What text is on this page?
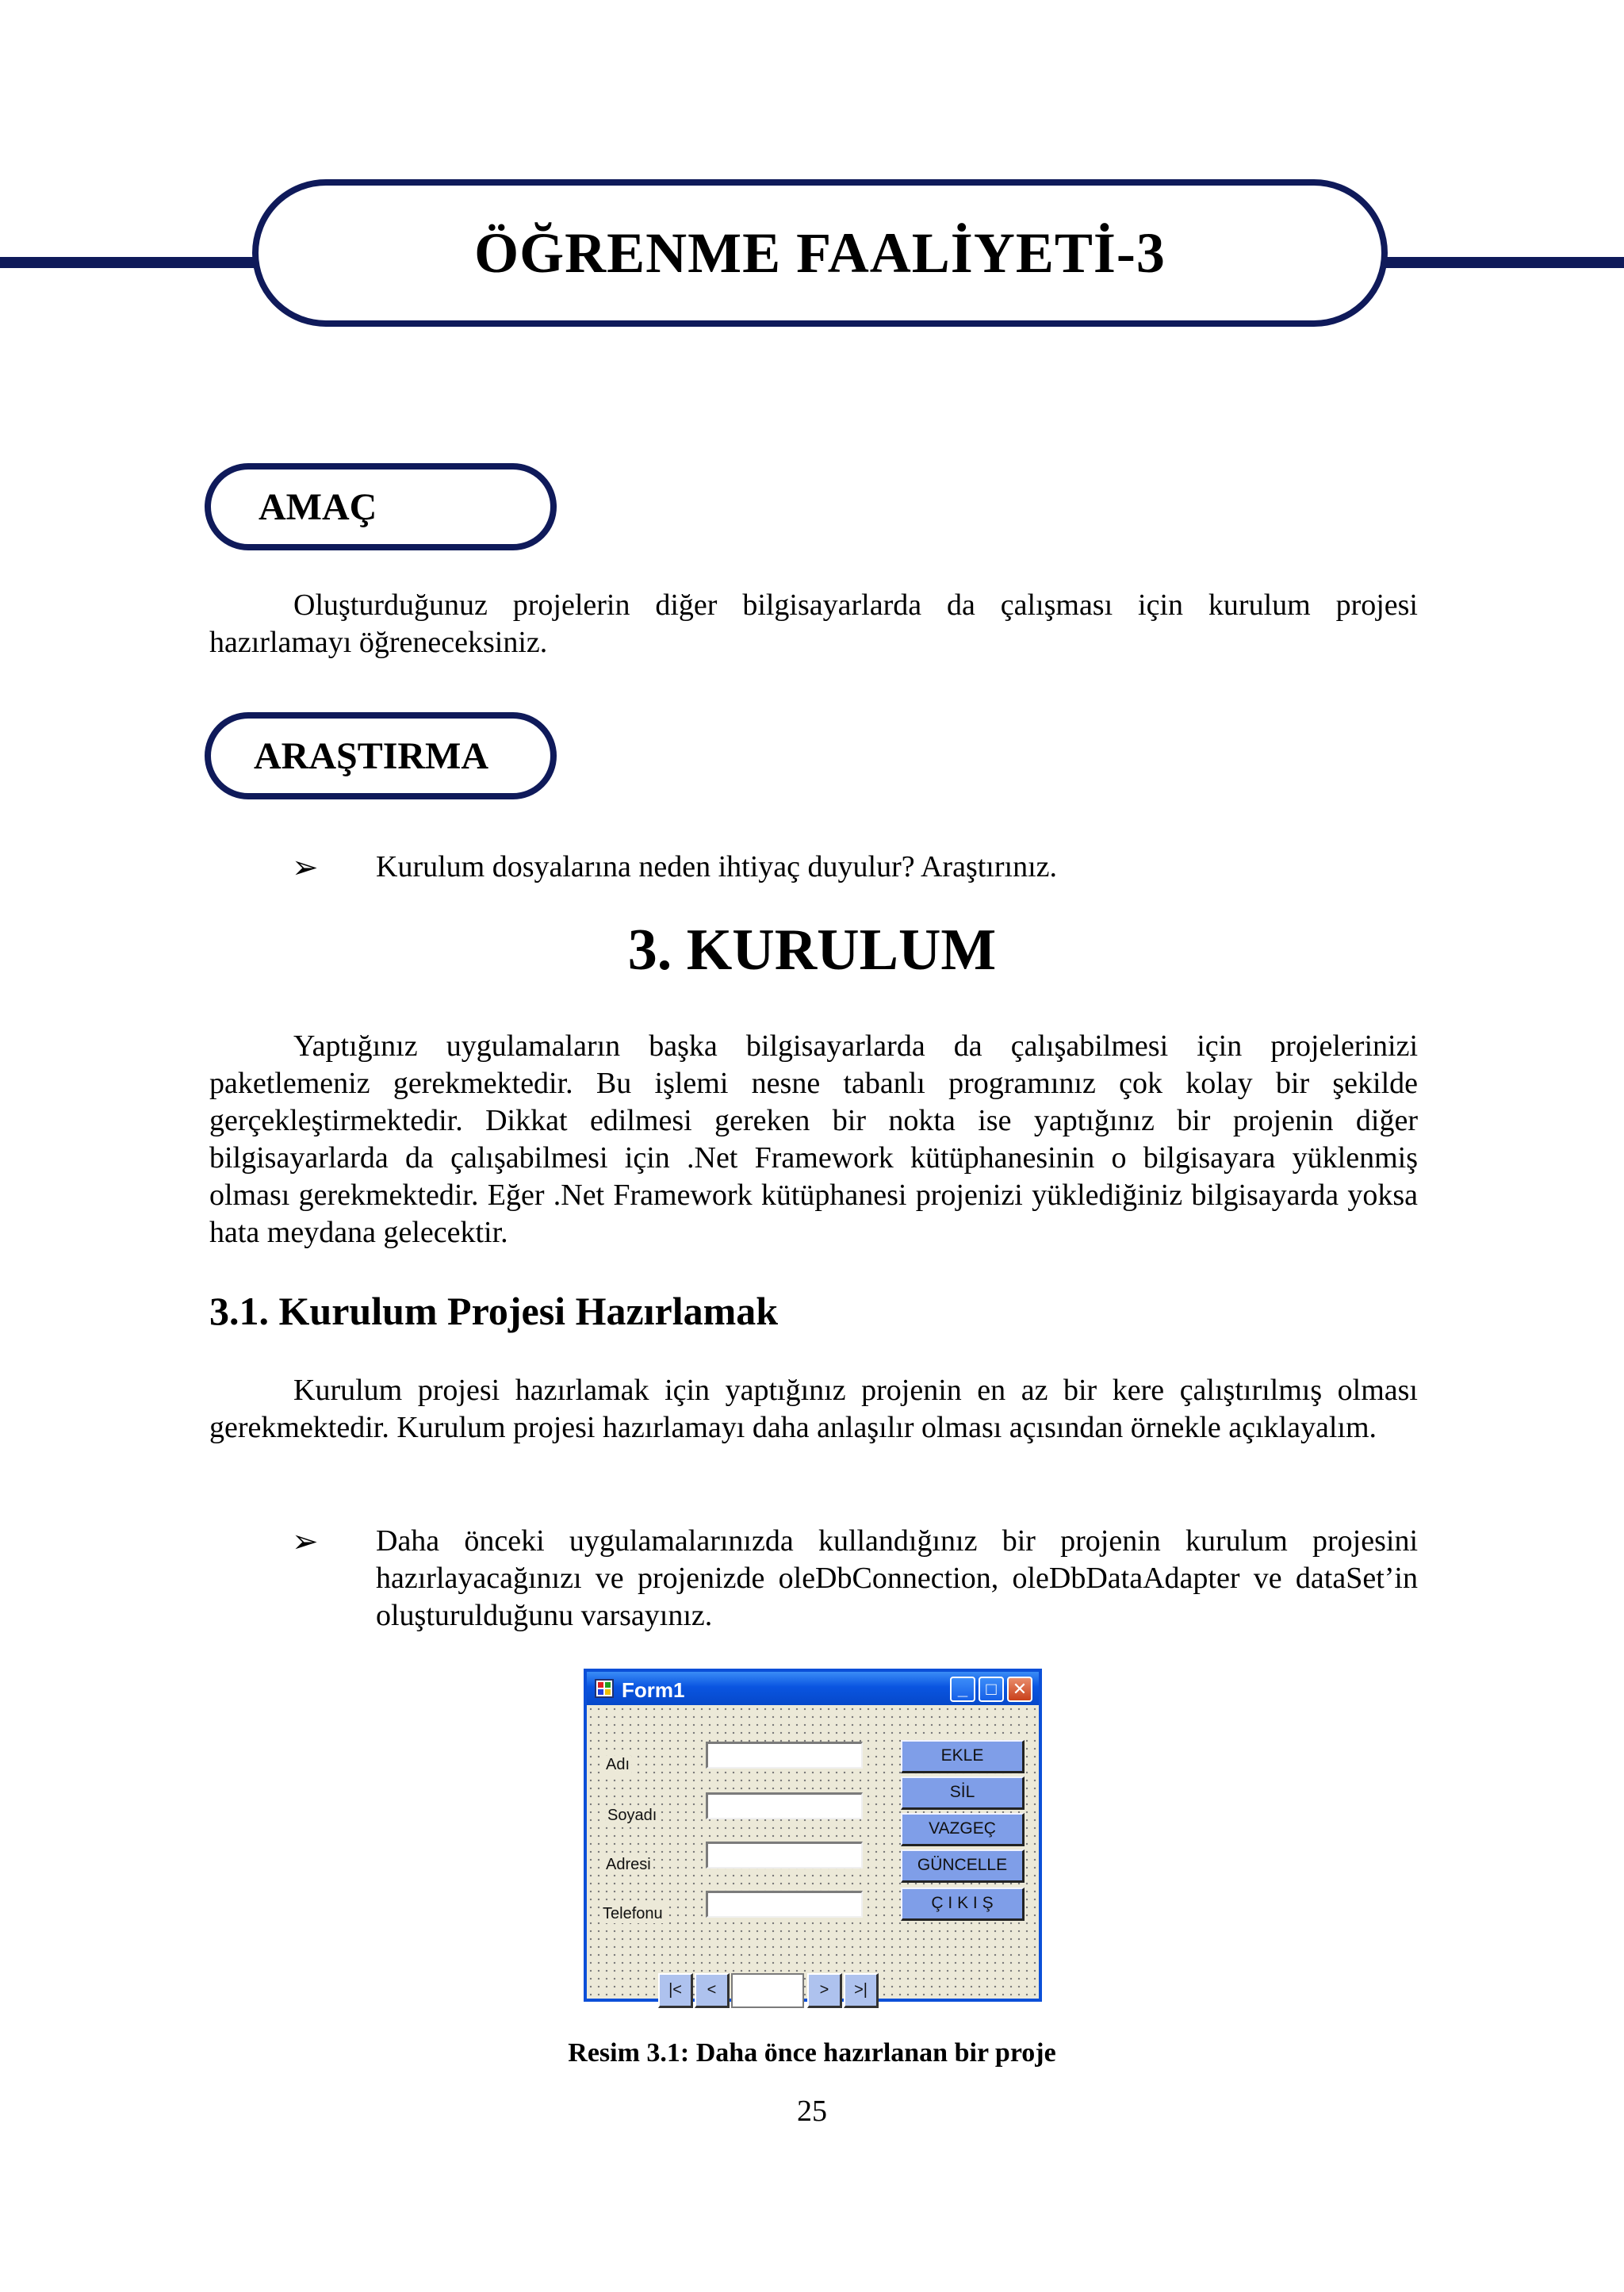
ÖĞRENME FAALİYETİ-3
AMAÇ
Oluşturduğunuz projelerin diğer bilgisayarlarda da çalışması için kurulum projesi hazırlamayı öğreneceksiniz.
ARAŞTIRMA
➢ Kurulum dosyalarına neden ihtiyaç duyulur? Araştırınız.
3. KURULUM
Yaptığınız uygulamaların başka bilgisayarlarda da çalışabilmesi için projelerinizi paketlemeniz gerekmektedir. Bu işlemi nesne tabanlı programınız çok kolay bir şekilde gerçekleştirmektedir. Dikkat edilmesi gereken bir nokta ise yaptığınız bir projenin diğer bilgisayarlarda da çalışabilmesi için .Net Framework kütüphanesinin o bilgisayara yüklenmiş olması gerekmektedir. Eğer .Net Framework kütüphanesi projenizi yüklediğiniz bilgisayarda yoksa hata meydana gelecektir.
3.1. Kurulum Projesi Hazırlamak
Kurulum projesi hazırlamak için yaptığınız projenin en az bir kere çalıştırılmış olması gerekmektedir. Kurulum projesi hazırlamayı daha anlaşılır olması açısından örnekle açıklayalım.
➢ Daha önceki uygulamalarınızda kullandığınız bir projenin kurulum projesini hazırlayacağınızı ve projenizde oleDbConnection, oleDbDataAdapter ve dataSet’in oluşturulduğunu varsayınız.
Form1	_	□ ✕
Adı
Soyadı
Adresi
Telefonu
EKLE
SİL
VAZGEÇ
GÜNCELLE
Ç I K I Ş
|<	<	>	>|
Resim 3.1: Daha önce hazırlanan bir proje
25
